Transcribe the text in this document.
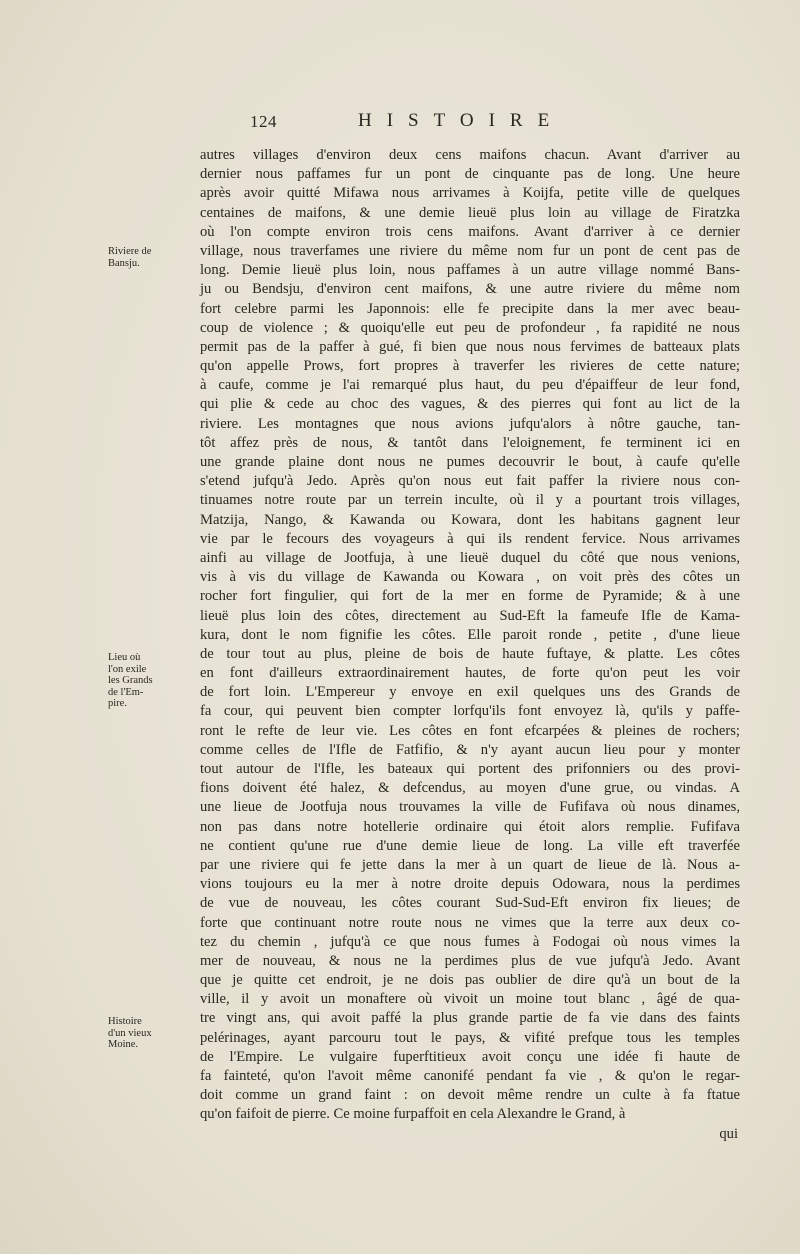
124	HISTOIRE
Riviere de
Bansju.
Lieu où
l'on exile
les Grands
de l'Em-
pire.
Histoire
d'un vieux
Moine.
autres villages d'environ deux cens maifons chacun. Avant d'arriver au
dernier nous paffames fur un pont de cinquante pas de long. Une heure
après avoir quitté Mifawa nous arrivames à Koijfa, petite ville de quelques
centaines de maifons, & une demie lieuë plus loin au village de Firatzka
où l'on compte environ trois cens maifons. Avant d'arriver à ce dernier
village, nous traverfames une riviere du même nom fur un pont de cent pas de
long. Demie lieuë plus loin, nous paffames à un autre village nommé Bans-
ju ou Bendsju, d'environ cent maifons, & une autre riviere du même nom
fort celebre parmi les Japonnois: elle fe precipite dans la mer avec beau-
coup de violence ; & quoiqu'elle eut peu de profondeur , fa rapidité ne nous
permit pas de la paffer à gué, fi bien que nous nous fervimes de batteaux plats
qu'on appelle Prows, fort propres à traverfer les rivieres de cette nature;
à caufe, comme je l'ai remarqué plus haut, du peu d'épaiffeur de leur fond,
qui plie & cede au choc des vagues, & des pierres qui font au lict de la
riviere. Les montagnes que nous avions jufqu'alors à nôtre gauche, tan-
tôt affez près de nous, & tantôt dans l'eloignement, fe terminent ici en
une grande plaine dont nous ne pumes decouvrir le bout, à caufe qu'elle
s'etend jufqu'à Jedo. Après qu'on nous eut fait paffer la riviere nous con-
tinuames notre route par un terrein inculte, où il y a pourtant trois villages,
Matzija, Nango, & Kawanda ou Kowara, dont les habitans gagnent leur
vie par le fecours des voyageurs à qui ils rendent fervice. Nous arrivames
ainfi au village de Jootfuja, à une lieuë duquel du côté que nous venions,
vis à vis du village de Kawanda ou Kowara , on voit près des côtes un
rocher fort fingulier, qui fort de la mer en forme de Pyramide; & à une
lieuë plus loin des côtes, directement au Sud-Eft la fameufe Ifle de Kama-
kura, dont le nom fignifie les côtes. Elle paroit ronde , petite , d'une lieue
de tour tout au plus, pleine de bois de haute fuftaye, & platte. Les côtes
en font d'ailleurs extraordinairement hautes, de forte qu'on peut les voir
de fort loin. L'Empereur y envoye en exil quelques uns des Grands de
fa cour, qui peuvent bien compter lorfqu'ils font envoyez là, qu'ils y paffe-
ront le refte de leur vie. Les côtes en font efcarpées & pleines de rochers;
comme celles de l'Ifle de Fatfifio, & n'y ayant aucun lieu pour y monter
tout autour de l'Ifle, les bateaux qui portent des prifonniers ou des provi-
fions doivent été halez, & defcendus, au moyen d'une grue, ou vindas. A
une lieue de Jootfuja nous trouvames la ville de Fufifava où nous dinames,
non pas dans notre hotellerie ordinaire qui étoit alors remplie. Fufifava
ne contient qu'une rue d'une demie lieue de long. La ville eft traverfée
par une riviere qui fe jette dans la mer à un quart de lieue de là. Nous a-
vions toujours eu la mer à notre droite depuis Odowara, nous la perdimes
de vue de nouveau, les côtes courant Sud-Sud-Eft environ fix lieues; de
forte que continuant notre route nous ne vimes que la terre aux deux co-
tez du chemin , jufqu'à ce que nous fumes à Fodogai où nous vimes la
mer de nouveau, & nous ne la perdimes plus de vue jufqu'à Jedo. Avant
que je quitte cet endroit, je ne dois pas oublier de dire qu'à un bout de la
ville, il y avoit un monaftere où vivoit un moine tout blanc , âgé de qua-
tre vingt ans, qui avoit paffé la plus grande partie de fa vie dans des faints
pelérinages, ayant parcouru tout le pays, & vifité prefque tous les temples
de l'Empire. Le vulgaire fuperftitieux avoit conçu une idée fi haute de
fa fainteté, qu'on l'avoit même canonifé pendant fa vie , & qu'on le regar-
doit comme un grand faint : on devoit même rendre un culte à fa ftatue
qu'on faifoit de pierre. Ce moine furpaffoit en cela Alexandre le Grand, à
qui
